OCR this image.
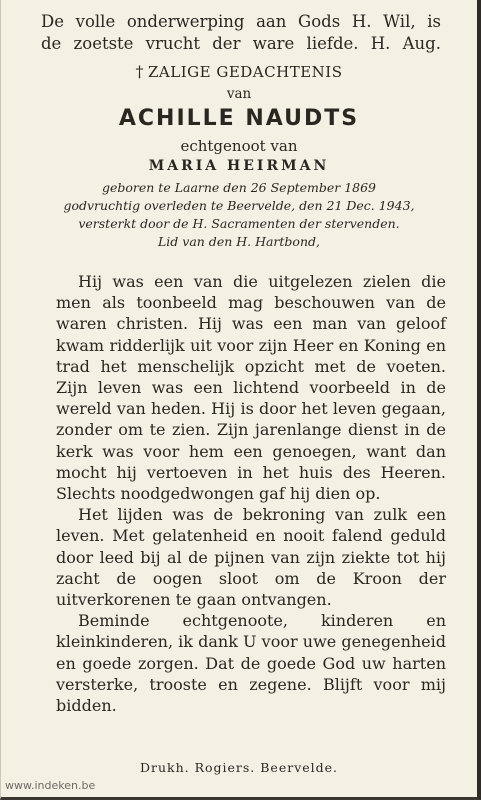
De volle onderwerping aan Gods H. Wil, is
de zoetste vrucht der ware liefde. H. Aug.
† ZALIGE GEDACHTENIS
van
ACHILLE NAUDTS
echtgenoot van
MARIA HEIRMAN
geboren te Laarne den 26 September 1869
godvruchtig overleden te Beervelde, den 21 Dec. 1943,
versterkt door de H. Sacramenten der stervenden.
Lid van den H. Hartbond,

Hij was een van die uitgelezen zielen die men als toonbeeld mag beschouwen van de waren christen. Hij was een man van geloof kwam ridderlijk uit voor zijn Heer en Koning en trad het menschelijk opzicht met de voeten. Zijn leven was een lichtend voorbeeld in de wereld van heden. Hij is door het leven gegaan, zonder om te zien. Zijn jarenlange dienst in de kerk was voor hem een genoegen, want dan mocht hij vertoeven in het huis des Heeren. Slechts noodgedwongen gaf hij dien op.

Het lijden was de bekroning van zulk een leven. Met gelatenheid en nooit falend geduld door leed bij al de pijnen van zijn ziekte tot hij zacht de oogen sloot om de Kroon der uitverkorenen te gaan ontvangen.

Beminde echtgenoote, kinderen en kleinkinderen, ik dank U voor uwe genegenheid en goede zorgen. Dat de goede God uw harten versterke, trooste en zegene. Blijft voor mij bidden.

Drukh. Rogiers. Beervelde.
www.indeken.be
